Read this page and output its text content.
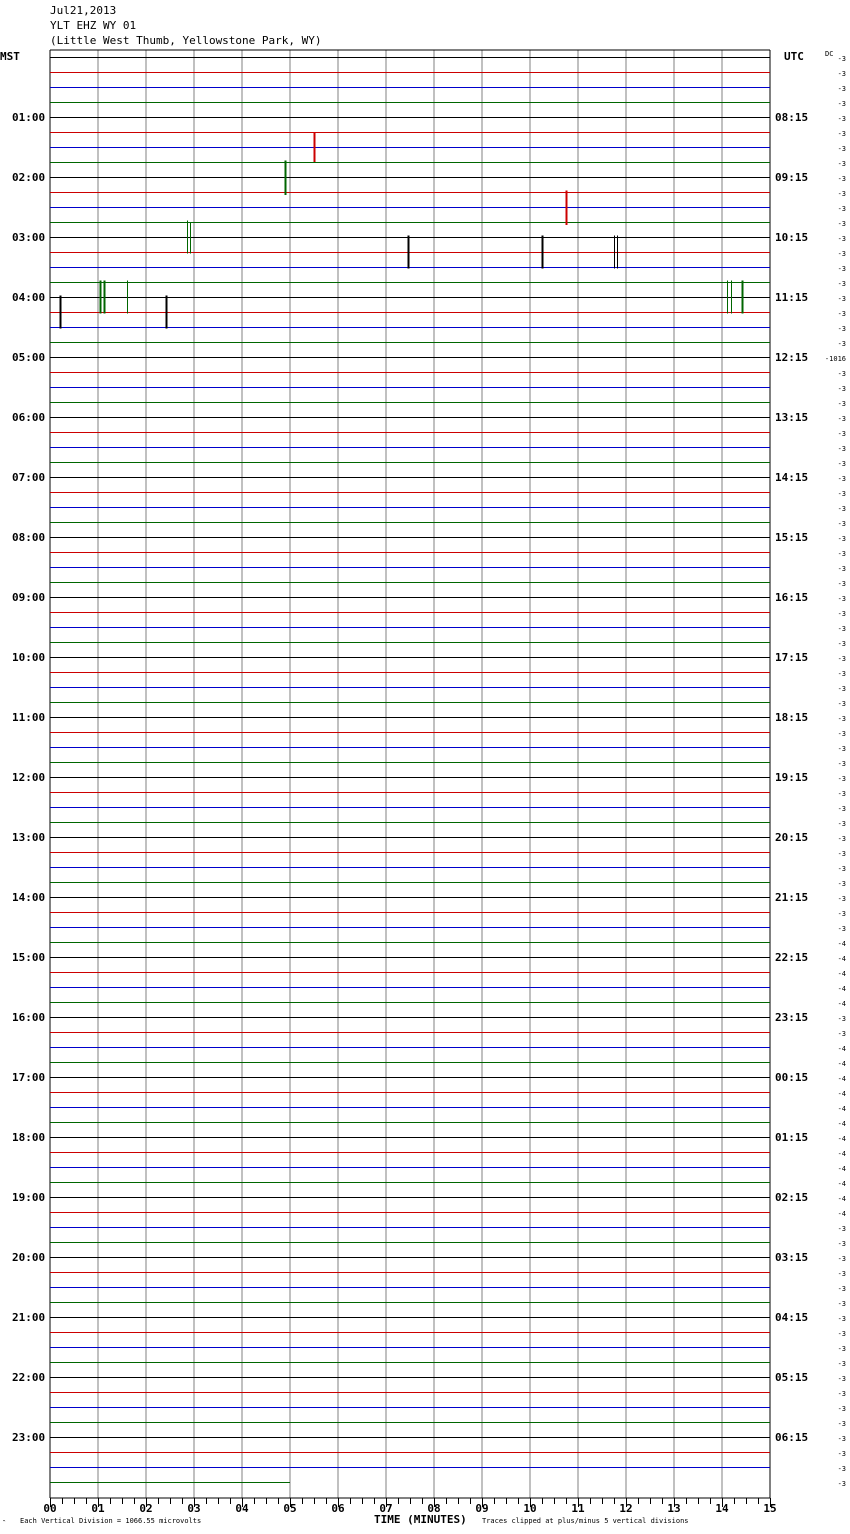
Jul21,2013
YLT EHZ WY 01
(Little West Thumb, Yellowstone Park, WY)
01:00
02:00
03:00
04:00
05:00
06:00
07:00
08:00
09:00
10:00
11:00
12:00
13:00
14:00
15:00
16:00
17:00
18:00
19:00
20:00
21:00
22:00
23:00
08:15
09:15
10:15
11:15
12:15
13:15
14:15
15:15
16:15
17:15
18:15
19:15
20:15
21:15
22:15
23:15
00:15
01:15
02:15
03:15
04:15
05:15
06:15
MST	UTC	DC
-3
-3
-3
-3
-3
-3
-3
-3
-3
-3
-3
-3
-3
-3
-3
-3
-3
-3
-3
-3
-1016
-3
-3
-3
-3
-3
-3
-3
-3
-3
-3
-3
-3
-3
-3
-3
-3
-3
-3
-3
-3
-3
-3
-3
-3
-3
-3
-3
-3
-3
-3
-3
-3
-3
-3
-3
-3
-3
-3
-4
-4
-4
-4
-4
-3
-3
-4
-4
-4
-4
-4
-4
-4
-4
-4
-4
-4
-4
-3
-3
-3
-3
-3
-3
-3
-3
-3
-3
-3
-3
-3
-3
-3
-3
-3
-3
00	01	02	03	04	05	06	07	08	09	10	11	12	13	14	15
Each Vertical Division = 1066.55 microvolts	TIME (MINUTES) Traces clipped at plus/minus 5 vertical divisions
‶
